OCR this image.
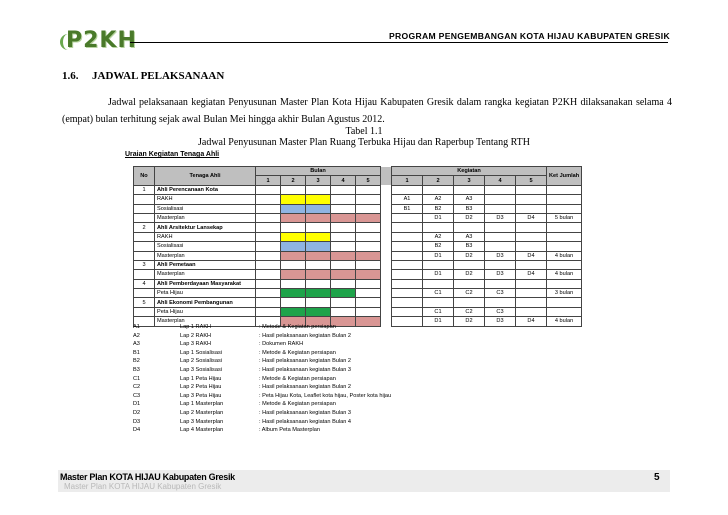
P2KH	PROGRAM PENGEMBANGAN KOTA HIJAU KABUPATEN GRESIK
1.6. JADWAL PELAKSANAAN
Jadwal pelaksanaan kegiatan Penyusunan Master Plan Kota Hijau Kabupaten Gresik dalam rangka kegiatan P2KH dilaksanakan selama 4 (empat) bulan terhitung sejak awal Bulan Mei hingga akhir Bulan Agustus 2012.
Tabel 1.1
Jadwal Penyusunan Master Plan Ruang Terbuka Hijau dan Raperbup Tentang RTH
Uraian Kegiatan Tenaga Ahli
No	Tenaga Ahli	Bulan						Kegiatan					Ket Jumlah
		1	2	3	4	5		1	2	3	4	5	
1	Ahli Perencanaan Kota												
	RAKH							A1	A2	A3			
	Sosialisasi							B1	B2	B3			
	Masterplan								D1	D2	D3	D4	5 bulan
2	Ahli Arsitektur Lansekap												
	RAKH								A2	A3			
	Sosialisasi								B2	B3			
	Masterplan								D1	D2	D3	D4	4 bulan
3	Ahli Pemetaan												
	Masterplan								D1	D2	D3	D4	4 bulan
4	Ahli Pemberdayaan Masyarakat												
	Peta Hijau								C1	C2	C3		3 bulan
5	Ahli Ekonomi Pembangunan												
	Peta Hijau								C1	C2	C3		
	Masterplan								D1	D2	D3	D4	4 bulan
A1	Lap 1 RAKH	: Metode & Kegiatan persiapan
A2	Lap 2 RAKH	: Hasil pelaksanaan kegiatan Bulan 2
A3	Lap 3 RAKH	: Dokumen RAKH
B1	Lap 1 Sosialisasi	: Metode & Kegiatan persiapan
B2	Lap 2 Sosialisasi	: Hasil pelaksanaan kegiatan Bulan 2
B3	Lap 3 Sosialisasi	: Hasil pelaksanaan kegiatan Bulan 3
C1	Lap 1 Peta Hijau	: Metode & Kegiatan persiapan
C2	Lap 2 Peta Hijau	: Hasil pelaksanaan kegiatan Bulan 2
C3	Lap 3 Peta Hijau	: Peta Hijau Kota, Leaflet kota hijau, Poster kota hijau
D1	Lap 1 Masterplan	: Metode & Kegiatan persiapan
D2	Lap 2 Masterplan	: Hasil pelaksanaan kegiatan Bulan 3
D3	Lap 3 Masterplan	: Hasil pelaksanaan kegiatan Bulan 4
D4	Lap 4 Masterplan	: Album Peta Masterplan
Master Plan KOTA HIJAU Kabupaten Gresik
Master Plan KOTA HIJAU Kabupaten Gresik
5
